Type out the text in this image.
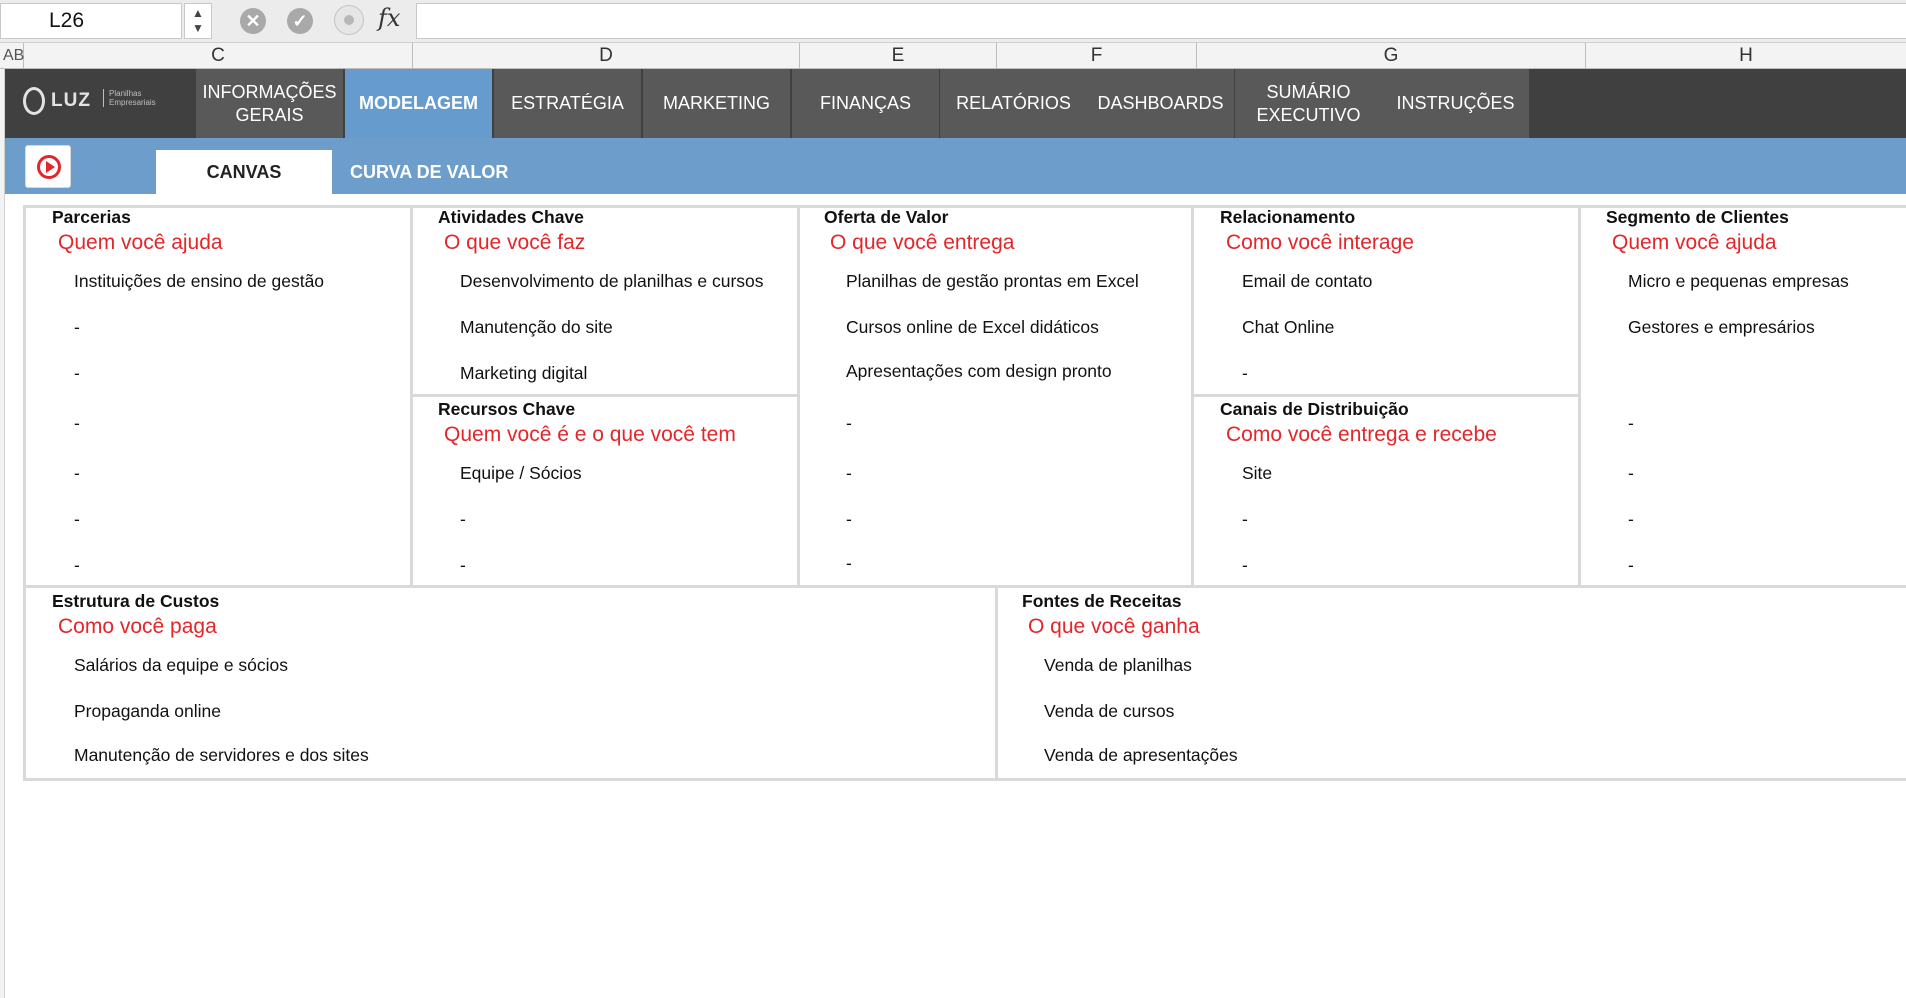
L26	▲
▼	✕	✓	fx
AB	C	D	E	F	G	H
LUZ	Planilhas Empresariais
INFORMAÇÕES
GERAIS
MODELAGEM	ESTRATÉGIA	MARKETING	FINANÇAS	RELATÓRIOS	DASHBOARDS
SUMÁRIO
EXECUTIVO
INSTRUÇÕES
CANVAS	CURVA DE VALOR
Parcerias
Quem você ajuda
Instituições de ensino de gestão
-
-
-
-
-
-
Atividades Chave
O que você faz
Desenvolvimento de planilhas e cursos
Manutenção do site
Marketing digital
Recursos Chave
Quem você é e o que você tem
Equipe / Sócios
-
-
Oferta de Valor
O que você entrega
Planilhas de gestão prontas em Excel
Cursos online de Excel didáticos
Apresentações com design pronto
-
-
-
-
Relacionamento
Como você interage
Email de contato
Chat Online
-
Canais de Distribuição
Como você entrega e recebe
Site
-
-
Segmento de Clientes
Quem você ajuda
Micro e pequenas empresas
Gestores e empresários
-
-
-
-
Estrutura de Custos
Como você paga
Salários da equipe e sócios
Propaganda online
Manutenção de servidores e dos sites
Fontes de Receitas
O que você ganha
Venda de planilhas
Venda de cursos
Venda de apresentações
